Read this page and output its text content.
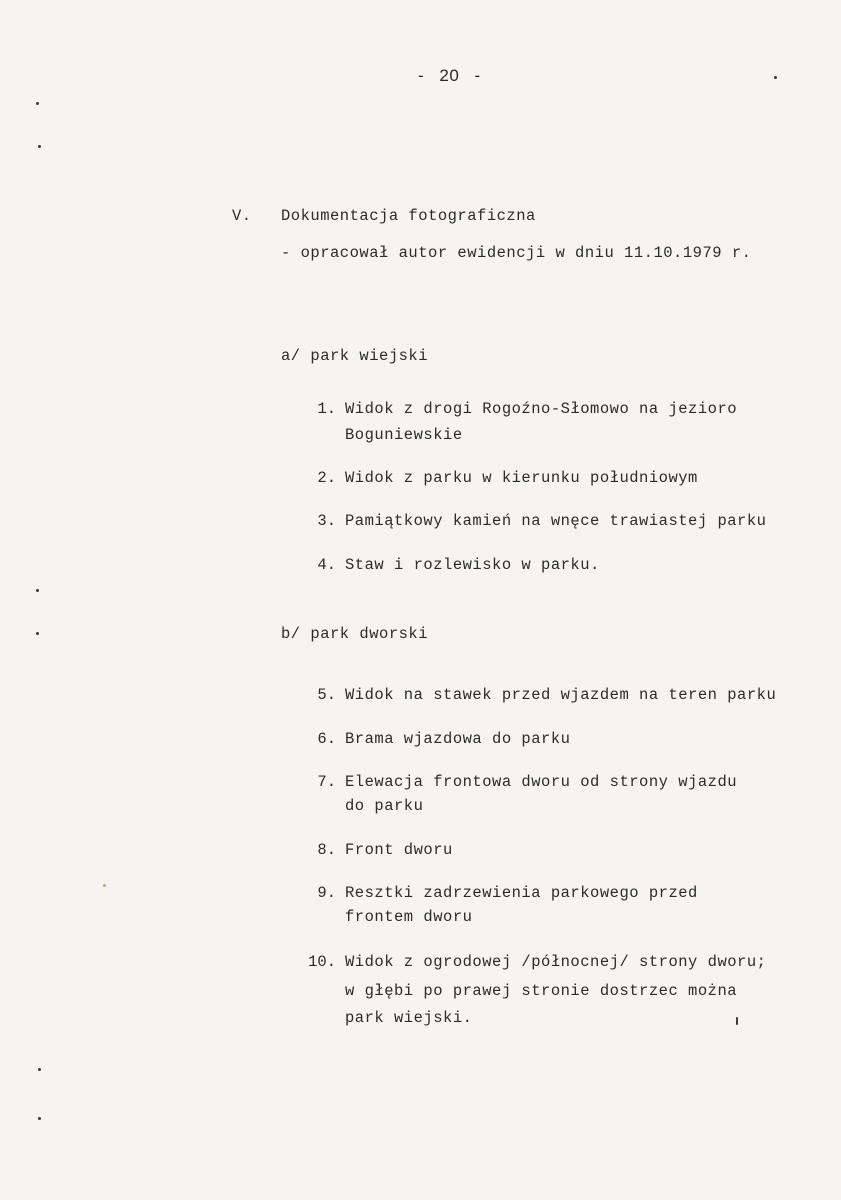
- 20 -
V. Dokumentacja fotograficzna
- opracował autor ewidencji w dniu 11.10.1979 r.
a/ park wiejski
1. Widok z drogi Rogoźno-Słomowo na jezioro
Boguniewskie
2. Widok z parku w kierunku południowym
3. Pamiątkowy kamień na wnęce trawiastej parku
4. Staw i rozlewisko w parku.
b/ park dworski
5. Widok na stawek przed wjazdem na teren parku
6. Brama wjazdowa do parku
7. Elewacja frontowa dworu od strony wjazdu
do parku
8. Front dworu
9. Resztki zadrzewienia parkowego przed
frontem dworu
10. Widok z ogrodowej /północnej/ strony dworu;
w głębi po prawej stronie dostrzec można
park wiejski.
